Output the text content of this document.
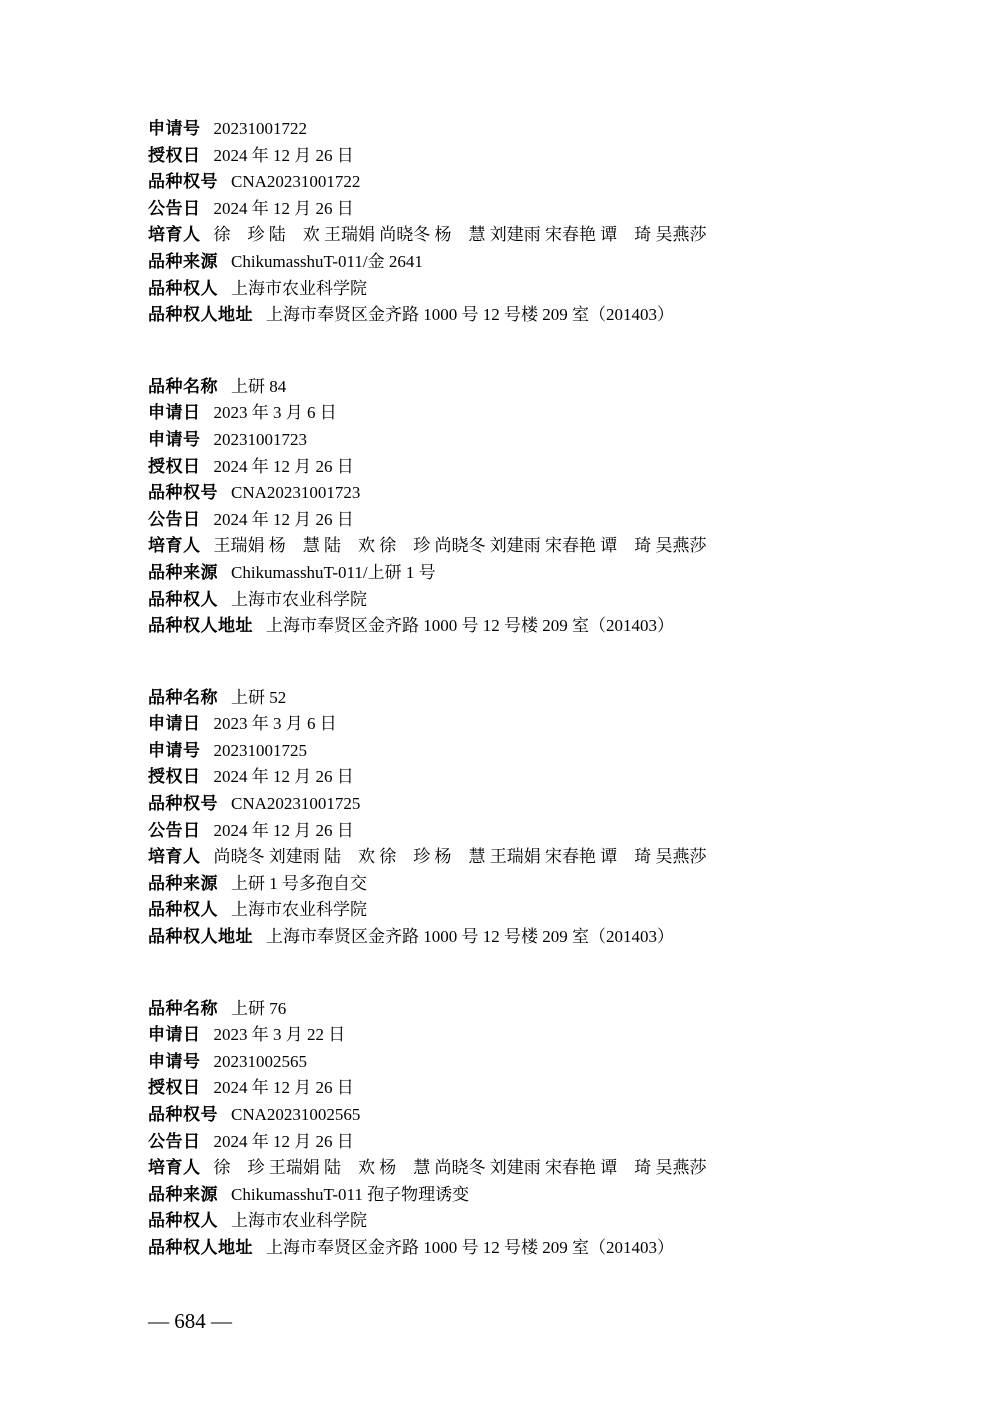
申请号 20231001722
授权日 2024 年 12 月 26 日
品种权号 CNA20231001722
公告日 2024 年 12 月 26 日
培育人 徐　珍 陆　欢 王瑞娟 尚晓冬 杨　慧 刘建雨 宋春艳 谭　琦 吴燕莎
品种来源 ChikumasshuT-011/金 2641
品种权人 上海市农业科学院
品种权人地址 上海市奉贤区金齐路 1000 号 12 号楼 209 室（201403）
品种名称 上研 84
申请日 2023 年 3 月 6 日
申请号 20231001723
授权日 2024 年 12 月 26 日
品种权号 CNA20231001723
公告日 2024 年 12 月 26 日
培育人 王瑞娟 杨　慧 陆　欢 徐　珍 尚晓冬 刘建雨 宋春艳 谭　琦 吴燕莎
品种来源 ChikumasshuT-011/上研 1 号
品种权人 上海市农业科学院
品种权人地址 上海市奉贤区金齐路 1000 号 12 号楼 209 室（201403）
品种名称 上研 52
申请日 2023 年 3 月 6 日
申请号 20231001725
授权日 2024 年 12 月 26 日
品种权号 CNA20231001725
公告日 2024 年 12 月 26 日
培育人 尚晓冬 刘建雨 陆　欢 徐　珍 杨　慧 王瑞娟 宋春艳 谭　琦 吴燕莎
品种来源 上研 1 号多孢自交
品种权人 上海市农业科学院
品种权人地址 上海市奉贤区金齐路 1000 号 12 号楼 209 室（201403）
品种名称 上研 76
申请日 2023 年 3 月 22 日
申请号 20231002565
授权日 2024 年 12 月 26 日
品种权号 CNA20231002565
公告日 2024 年 12 月 26 日
培育人 徐　珍 王瑞娟 陆　欢 杨　慧 尚晓冬 刘建雨 宋春艳 谭　琦 吴燕莎
品种来源 ChikumasshuT-011 孢子物理诱变
品种权人 上海市农业科学院
品种权人地址 上海市奉贤区金齐路 1000 号 12 号楼 209 室（201403）
— 684 —
